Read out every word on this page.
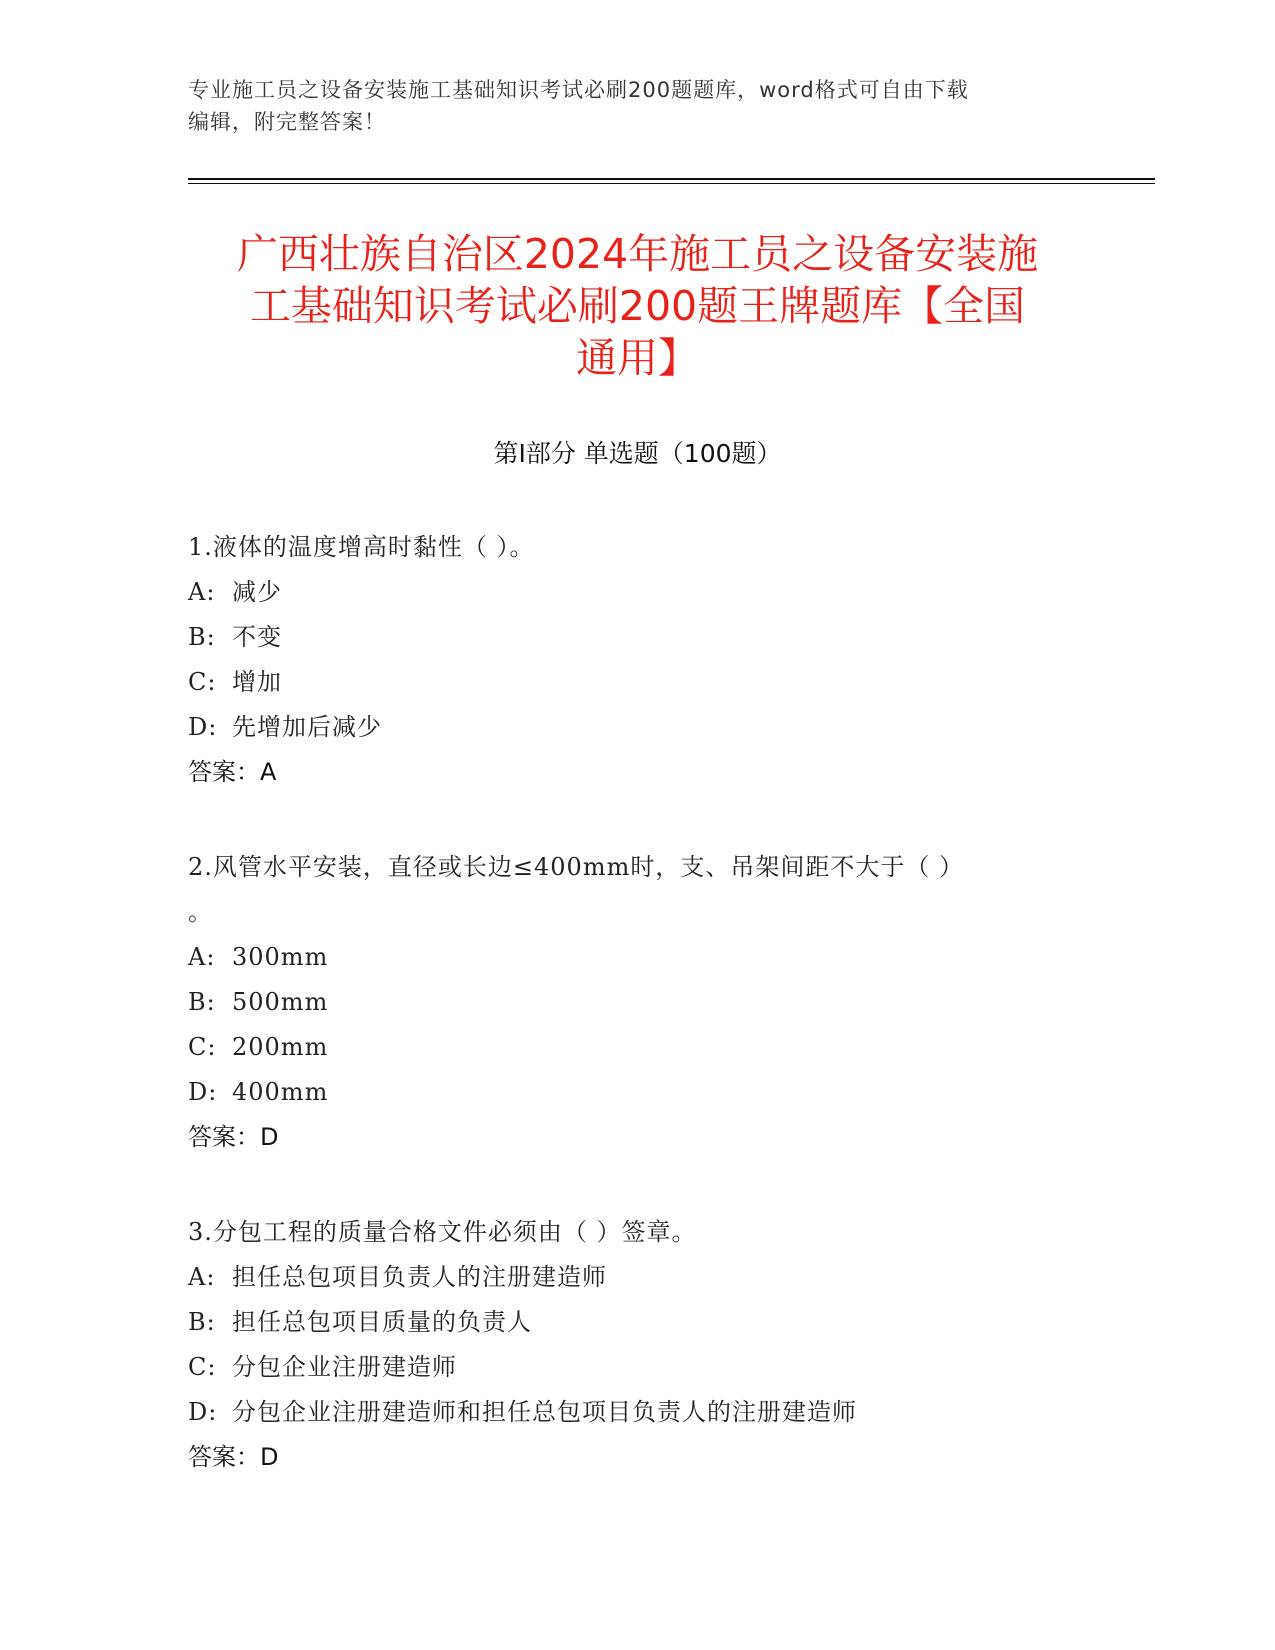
专业施工员之设备安装施工基础知识考试必刷200题题库，word格式可自由下载
编辑，附完整答案！
广西壮族自治区2024年施工员之设备安装施
工基础知识考试必刷200题王牌题库【全国
通用】
第I部分 单选题（100题）
1.液体的温度增高时黏性（ ）。
A: 减少
B: 不变
C: 增加
D: 先增加后减少
答案：A
2.风管水平安装，直径或长边≤400mm时，支、吊架间距不大于（ ）
。
A: 300mm
B: 500mm
C: 200mm
D: 400mm
答案：D
3.分包工程的质量合格文件必须由（ ）签章。
A: 担任总包项目负责人的注册建造师
B: 担任总包项目质量的负责人
C: 分包企业注册建造师
D: 分包企业注册建造师和担任总包项目负责人的注册建造师
答案：D
